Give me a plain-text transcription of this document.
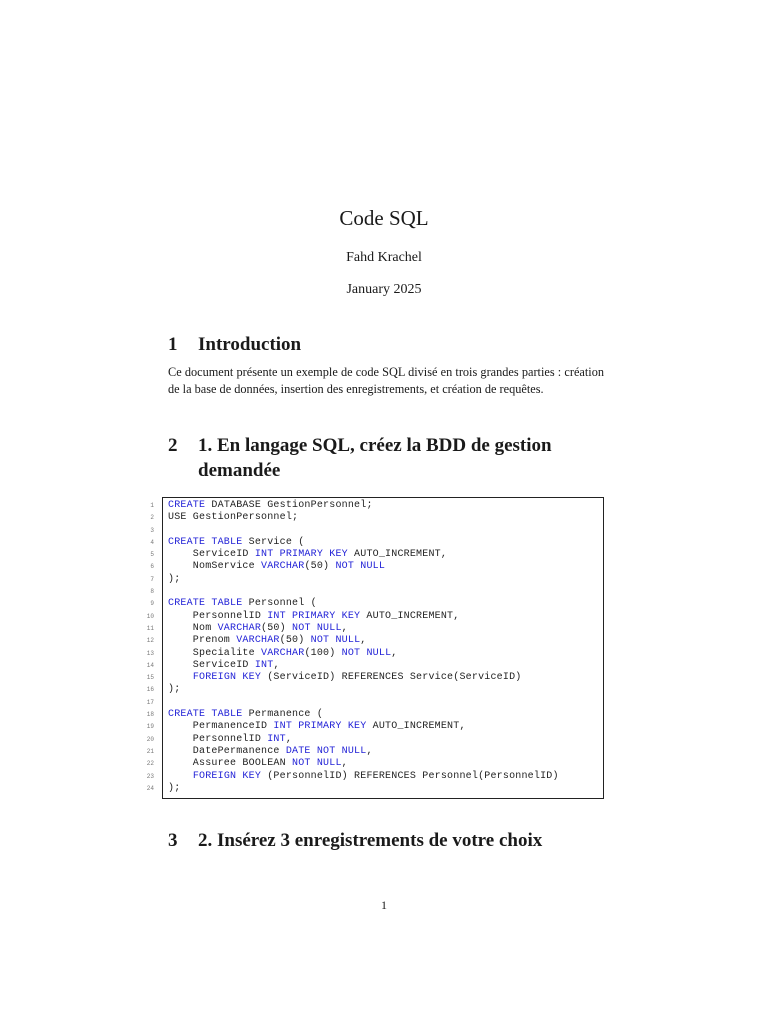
Code SQL
Fahd Krachel
January 2025
1	Introduction
Ce document présente un exemple de code SQL divisé en trois grandes parties : création de la base de données, insertion des enregistrements, et création de requêtes.
2	1. En langage SQL, créez la BDD de gestion demandée
1	CREATE DATABASE GestionPersonnel;
2	USE GestionPersonnel;
3
4	CREATE TABLE Service (
5	ServiceID INT PRIMARY KEY AUTO_INCREMENT,
6	NomService VARCHAR(50) NOT NULL
7	);
8
9	CREATE TABLE Personnel (
10	PersonnelID INT PRIMARY KEY AUTO_INCREMENT,
11	Nom VARCHAR(50) NOT NULL,
12	Prenom VARCHAR(50) NOT NULL,
13	Specialite VARCHAR(100) NOT NULL,
14	ServiceID INT,
15	FOREIGN KEY (ServiceID) REFERENCES Service(ServiceID)
16	);
17
18	CREATE TABLE Permanence (
19	PermanenceID INT PRIMARY KEY AUTO_INCREMENT,
20	PersonnelID INT,
21	DatePermanence DATE NOT NULL,
22	Assuree BOOLEAN NOT NULL,
23	FOREIGN KEY (PersonnelID) REFERENCES Personnel(PersonnelID)
24	);
3	2. Insérez 3 enregistrements de votre choix
1
